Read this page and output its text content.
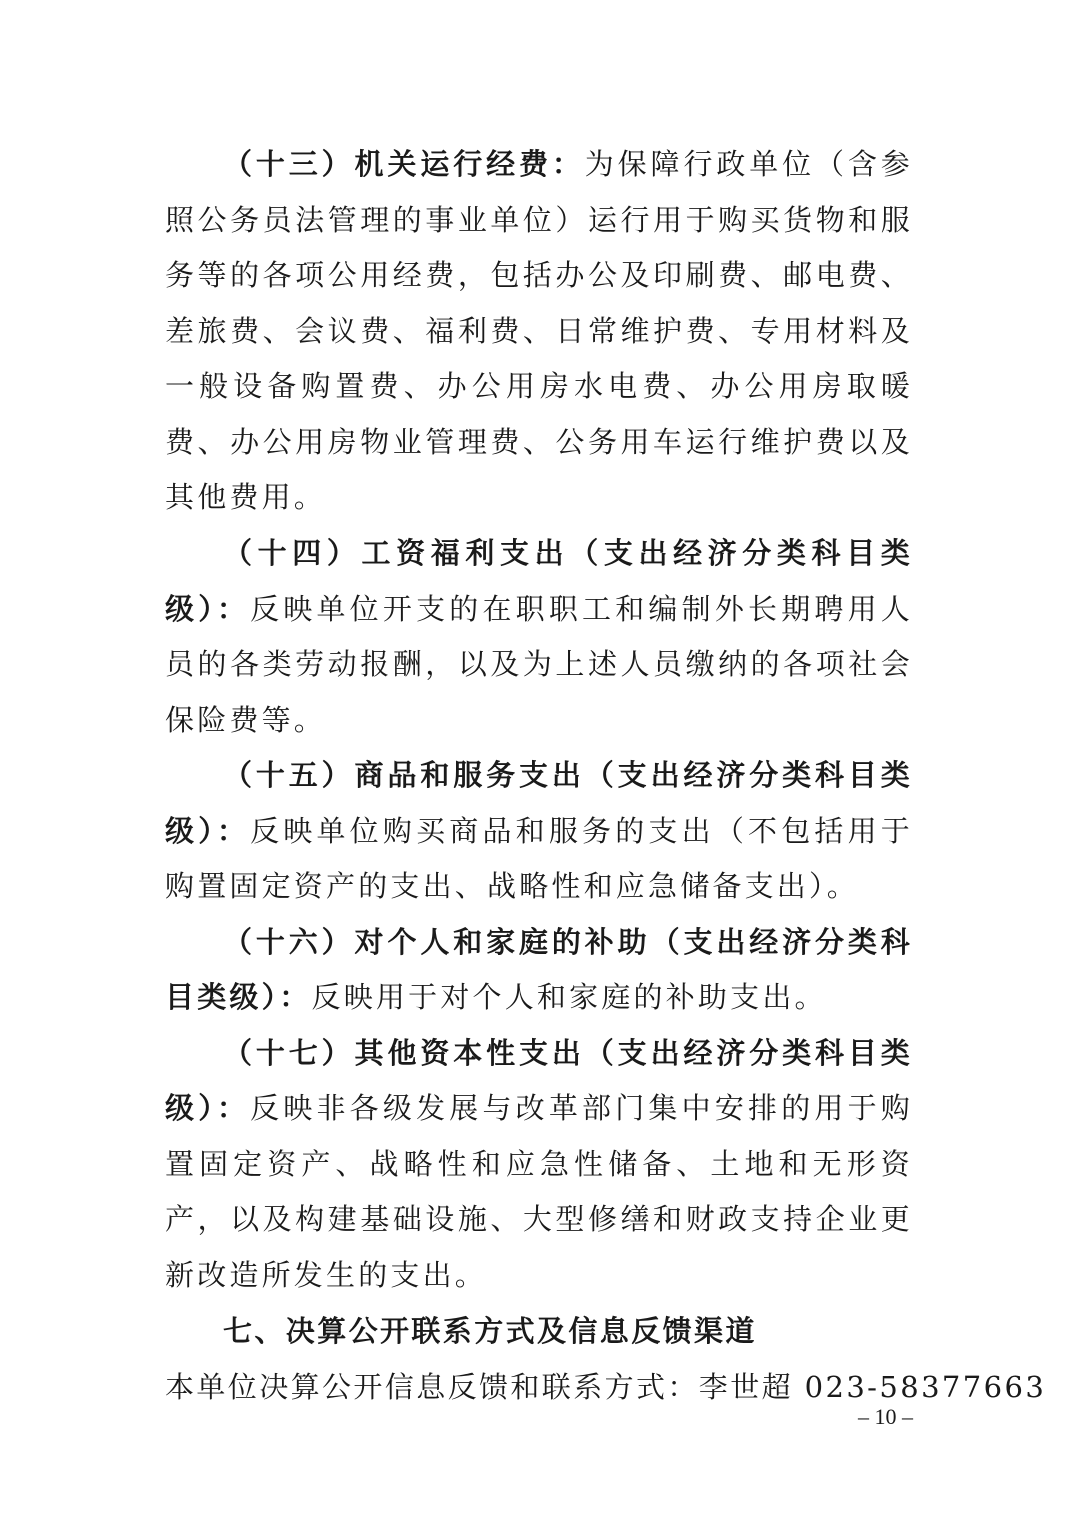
（十三）机关运行经费：为保障行政单位（含参照公务员法管理的事业单位）运行用于购买货物和服务等的各项公用经费，包括办公及印刷费、邮电费、差旅费、会议费、福利费、日常维护费、专用材料及一般设备购置费、办公用房水电费、办公用房取暖费、办公用房物业管理费、公务用车运行维护费以及其他费用。

（十四）工资福利支出（支出经济分类科目类级）：反映单位开支的在职职工和编制外长期聘用人员的各类劳动报酬，以及为上述人员缴纳的各项社会保险费等。

（十五）商品和服务支出（支出经济分类科目类级）：反映单位购买商品和服务的支出（不包括用于购置固定资产的支出、战略性和应急储备支出）。

（十六）对个人和家庭的补助（支出经济分类科目类级）：反映用于对个人和家庭的补助支出。

（十七）其他资本性支出（支出经济分类科目类级）：反映非各级发展与改革部门集中安排的用于购置固定资产、战略性和应急性储备、土地和无形资产，以及构建基础设施、大型修缮和财政支持企业更新改造所发生的支出。

七、决算公开联系方式及信息反馈渠道

本单位决算公开信息反馈和联系方式：李世超 023-58377663

– 10 –
